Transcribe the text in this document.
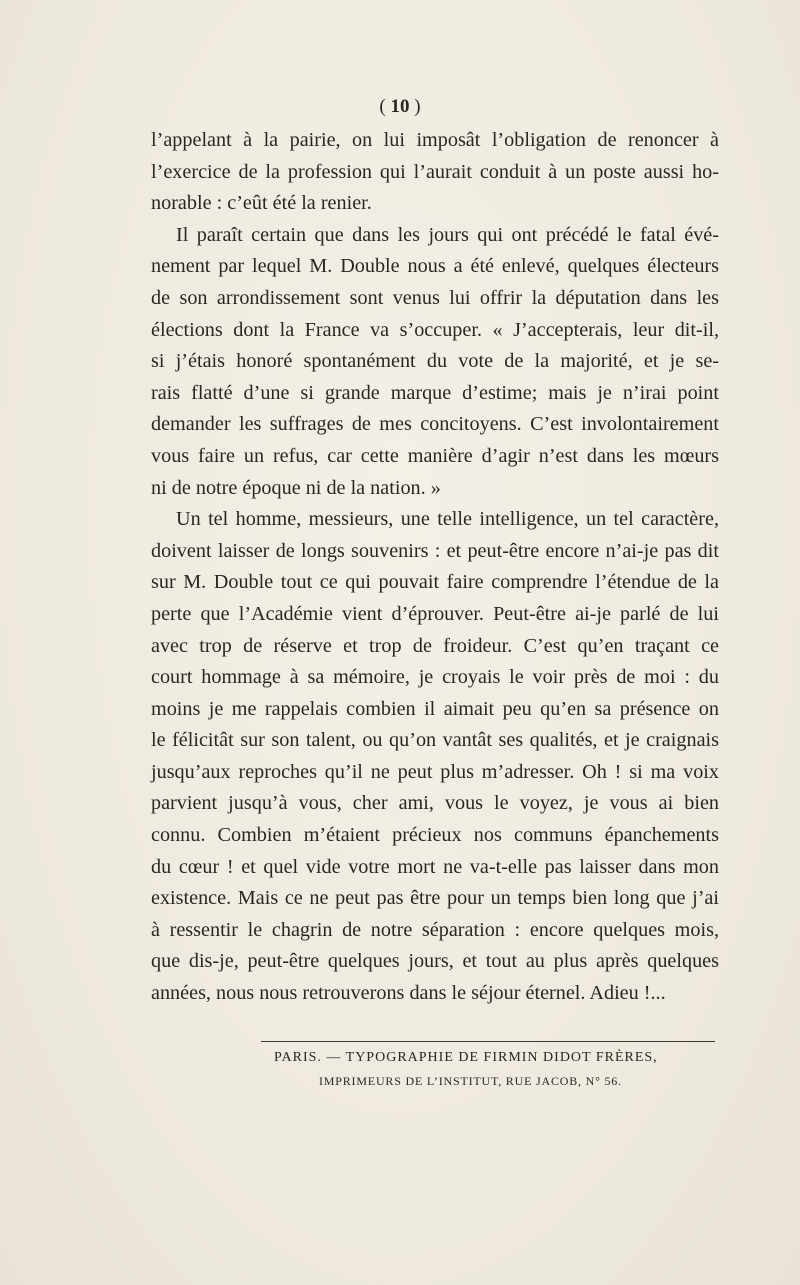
( 10 )
l’appelant à la pairie, on lui imposât l’obligation de renoncer à
l’exercice de la profession qui l’aurait conduit à un poste aussi ho-
norable : c’eût été la renier.
Il paraît certain que dans les jours qui ont précédé le fatal évé-
nement par lequel M. Double nous a été enlevé, quelques électeurs
de son arrondissement sont venus lui offrir la députation dans les
élections dont la France va s’occuper. « J’accepterais, leur dit-il,
si j’étais honoré spontanément du vote de la majorité, et je se-
rais flatté d’une si grande marque d’estime; mais je n’irai point
demander les suffrages de mes concitoyens. C’est involontairement
vous faire un refus, car cette manière d’agir n’est dans les mœurs
ni de notre époque ni de la nation. »
Un tel homme, messieurs, une telle intelligence, un tel caractère,
doivent laisser de longs souvenirs : et peut-être encore n’ai-je pas dit
sur M. Double tout ce qui pouvait faire comprendre l’étendue de la
perte que l’Académie vient d’éprouver. Peut-être ai-je parlé de lui
avec trop de réserve et trop de froideur. C’est qu’en traçant ce
court hommage à sa mémoire, je croyais le voir près de moi : du
moins je me rappelais combien il aimait peu qu’en sa présence on
le félicitât sur son talent, ou qu’on vantât ses qualités, et je craignais
jusqu’aux reproches qu’il ne peut plus m’adresser. Oh ! si ma voix
parvient jusqu’à vous, cher ami, vous le voyez, je vous ai bien
connu. Combien m’étaient précieux nos communs épanchements
du cœur ! et quel vide votre mort ne va-t-elle pas laisser dans mon
existence. Mais ce ne peut pas être pour un temps bien long que j’ai
à ressentir le chagrin de notre séparation : encore quelques mois,
que dis-je, peut-être quelques jours, et tout au plus après quelques
années, nous nous retrouverons dans le séjour éternel. Adieu !...
PARIS. — TYPOGRAPHIE DE FIRMIN DIDOT FRÈRES,
IMPRIMEURS DE L’INSTITUT, RUE JACOB, N° 56.
